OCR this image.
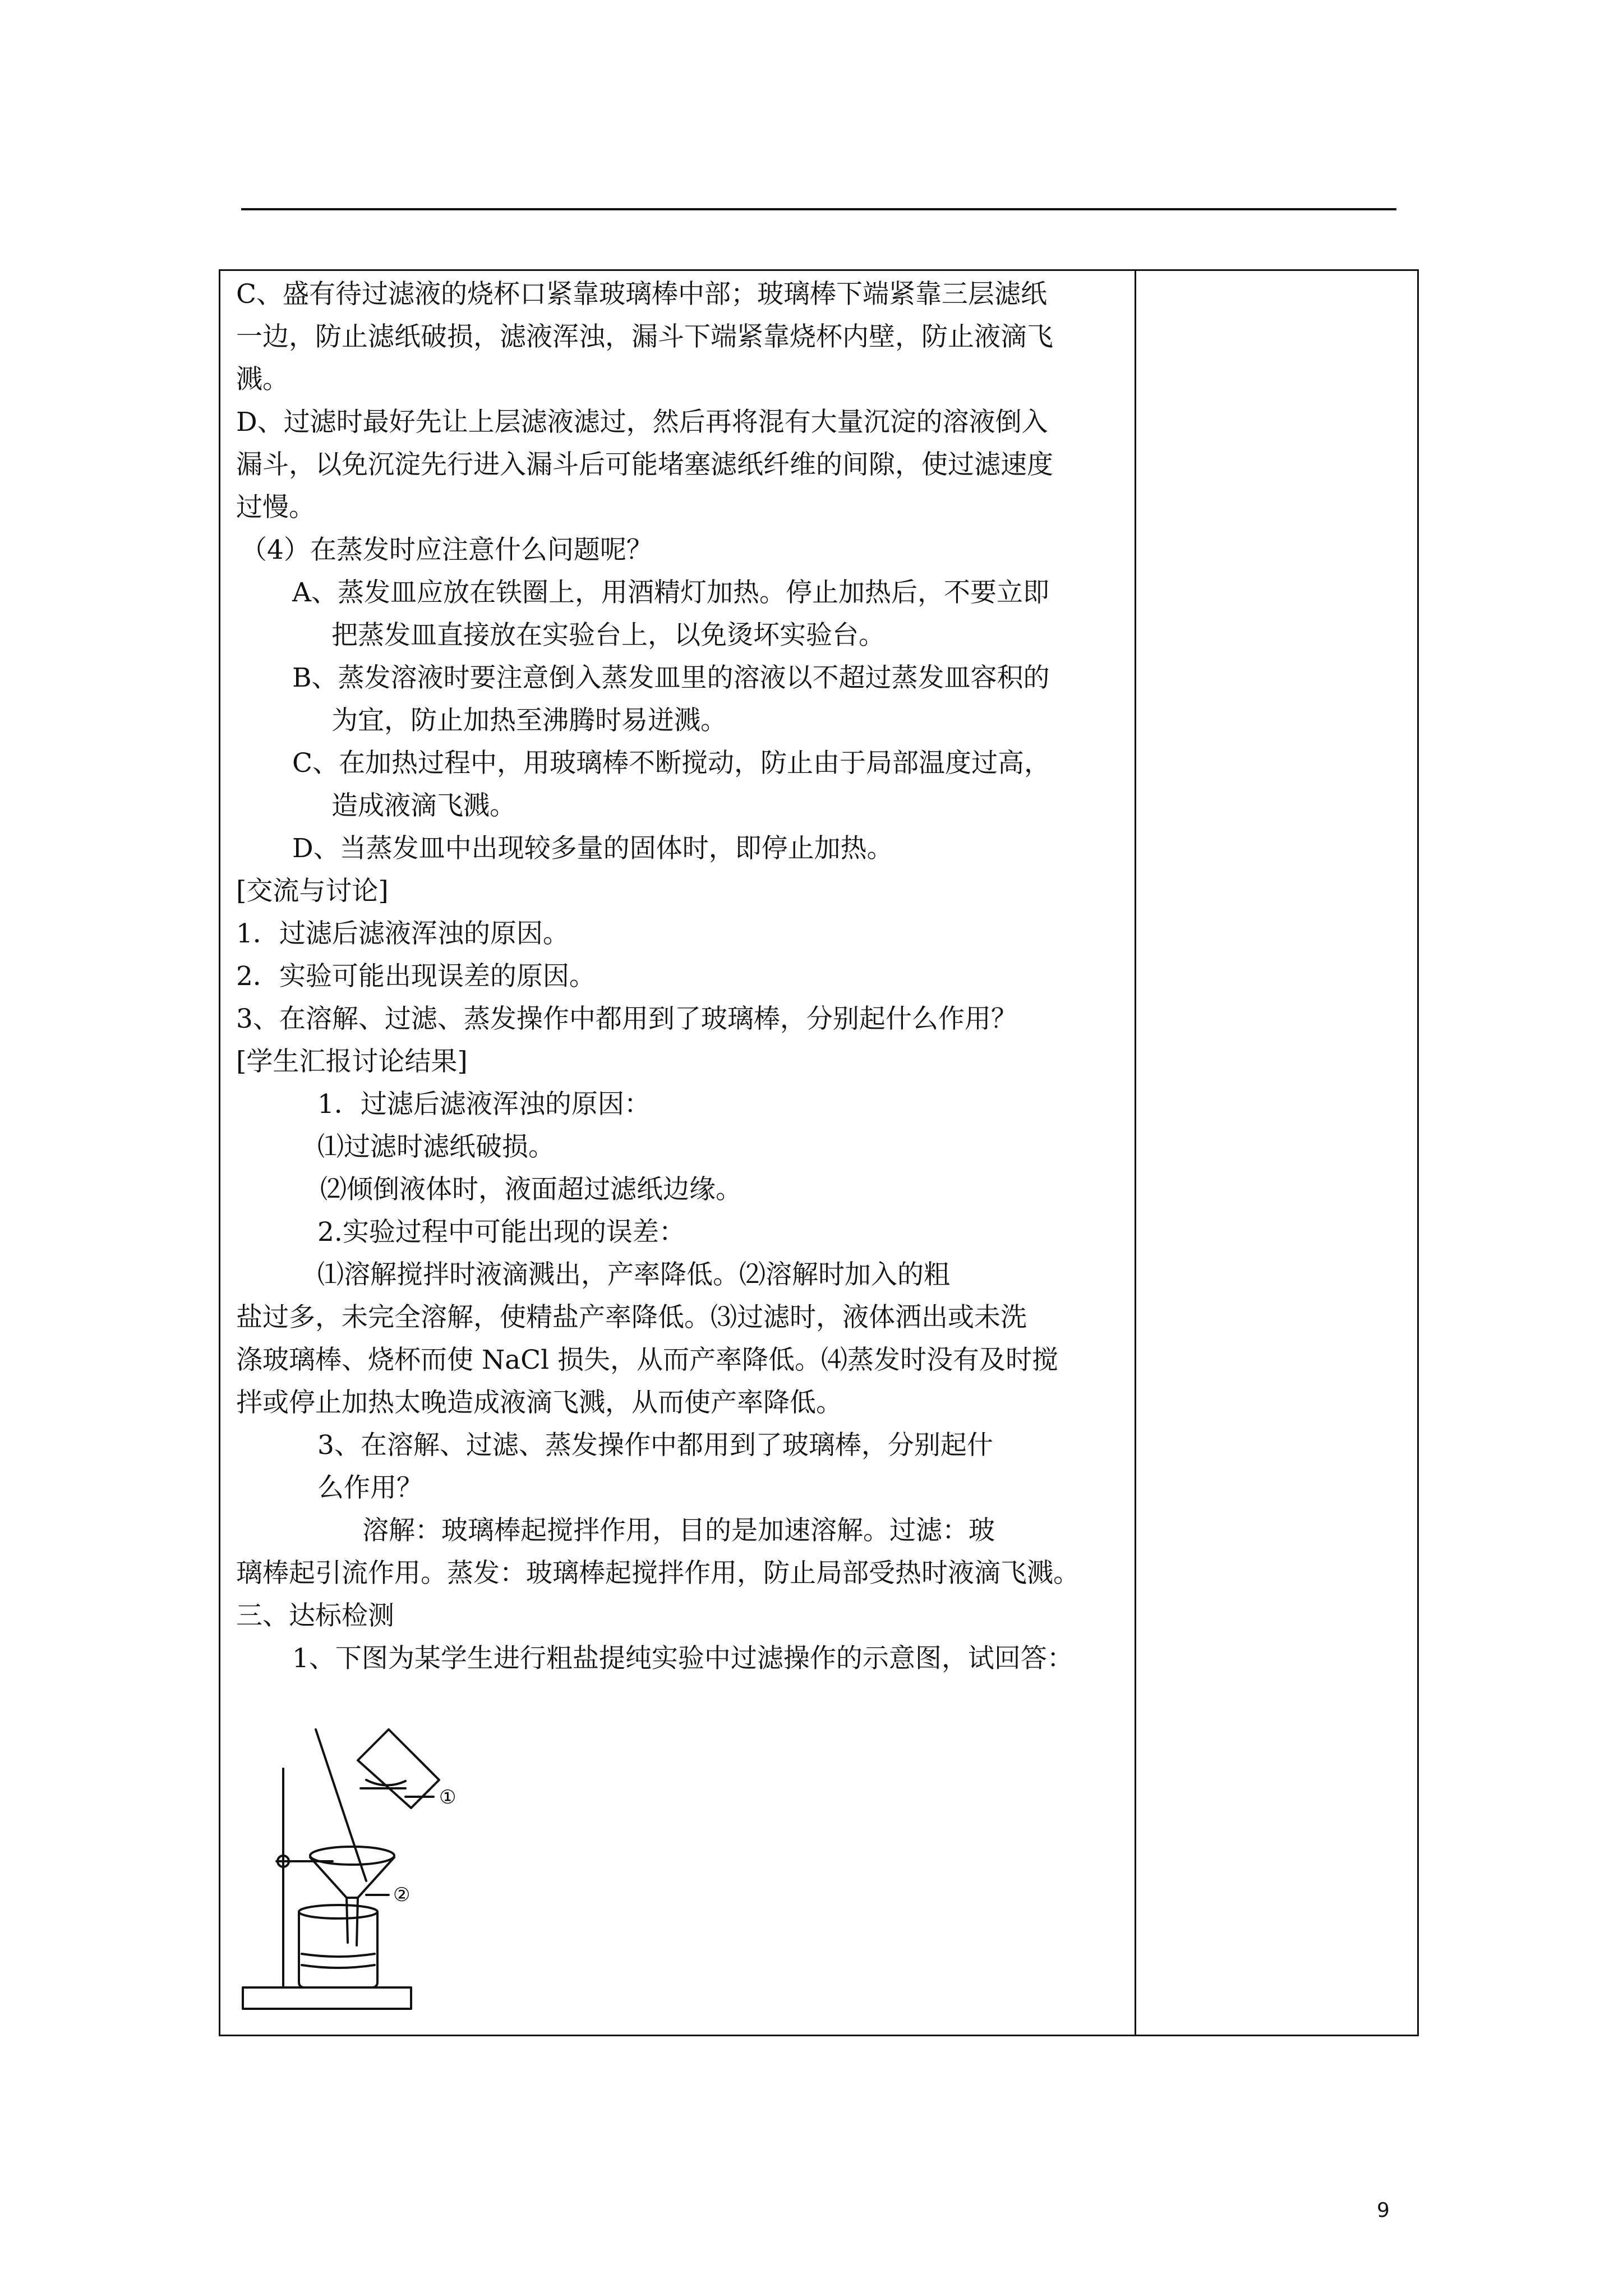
C、盛有待过滤液的烧杯口紧靠玻璃棒中部；玻璃棒下端紧靠三层滤纸
一边，防止滤纸破损，滤液浑浊，漏斗下端紧靠烧杯内壁，防止液滴飞
溅。
D、过滤时最好先让上层滤液滤过，然后再将混有大量沉淀的溶液倒入
漏斗，以免沉淀先行进入漏斗后可能堵塞滤纸纤维的间隙，使过滤速度
过慢。
（4）在蒸发时应注意什么问题呢？
A、蒸发皿应放在铁圈上，用酒精灯加热。停止加热后，不要立即
把蒸发皿直接放在实验台上，以免烫坏实验台。
B、蒸发溶液时要注意倒入蒸发皿里的溶液以不超过蒸发皿容积的
为宜，防止加热至沸腾时易迸溅。
C、在加热过程中，用玻璃棒不断搅动，防止由于局部温度过高，
造成液滴飞溅。
D、当蒸发皿中出现较多量的固体时，即停止加热。
[交流与讨论]
1．过滤后滤液浑浊的原因。
2．实验可能出现误差的原因。
3、在溶解、过滤、蒸发操作中都用到了玻璃棒，分别起什么作用？
[学生汇报讨论结果]
1．过滤后滤液浑浊的原因：
⑴过滤时滤纸破损。
⑵倾倒液体时，液面超过滤纸边缘。
2.实验过程中可能出现的误差：
⑴溶解搅拌时液滴溅出，产率降低。⑵溶解时加入的粗
盐过多，未完全溶解，使精盐产率降低。⑶过滤时，液体洒出或未洗
涤玻璃棒、烧杯而使 NaCl 损失，从而产率降低。⑷蒸发时没有及时搅
拌或停止加热太晚造成液滴飞溅，从而使产率降低。
3、在溶解、过滤、蒸发操作中都用到了玻璃棒，分别起什
么作用？
溶解：玻璃棒起搅拌作用，目的是加速溶解。过滤：玻
璃棒起引流作用。蒸发：玻璃棒起搅拌作用，防止局部受热时液滴飞溅。
三、达标检测
1、下图为某学生进行粗盐提纯实验中过滤操作的示意图，试回答：
①
②
9
